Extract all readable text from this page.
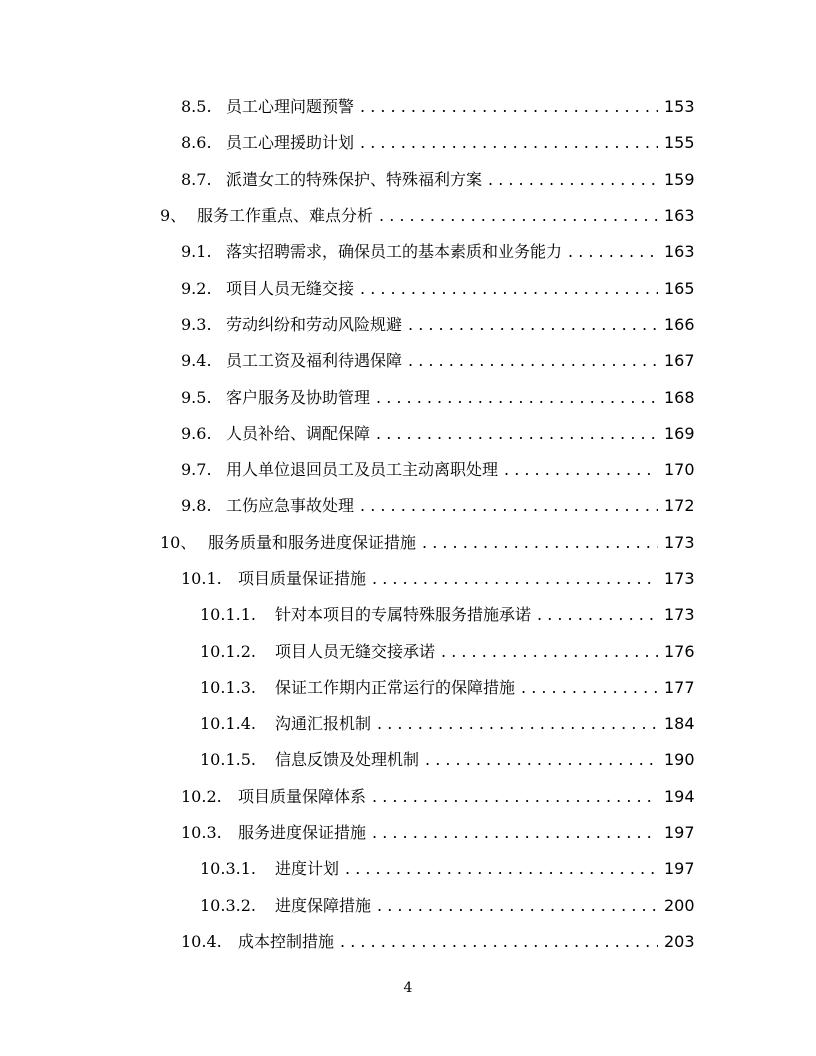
8.5. 员工心理问题预警 . . .	153
8.6. 员工心理援助计划 . . .	155
8.7. 派遣女工的特殊保护、特殊福利方案 . . .	159
9、 服务工作重点、难点分析 . . .	163
9.1. 落实招聘需求，确保员工的基本素质和业务能力 . . .	163
9.2. 项目人员无缝交接 . . .	165
9.3. 劳动纠纷和劳动风险规避 . . .	166
9.4. 员工工资及福利待遇保障 . . .	167
9.5. 客户服务及协助管理 . . .	168
9.6. 人员补给、调配保障 . . .	169
9.7. 用人单位退回员工及员工主动离职处理 . . .	170
9.8. 工伤应急事故处理 . . .	172
10、 服务质量和服务进度保证措施 . . .	173
10.1.	项目质量保证措施 . . .	173
10.1.1.	针对本项目的专属特殊服务措施承诺 . . .	173
10.1.2.	项目人员无缝交接承诺 . . .	176
10.1.3.	保证工作期内正常运行的保障措施 . . .	177
10.1.4.	沟通汇报机制 . . .	184
10.1.5.	信息反馈及处理机制 . . .	190
10.2.	项目质量保障体系 . . .	194
10.3.	服务进度保证措施 . . .	197
10.3.1.	进度计划 . . .	197
10.3.2.	进度保障措施 . . .	200
10.4.	成本控制措施 . . .	203
4
